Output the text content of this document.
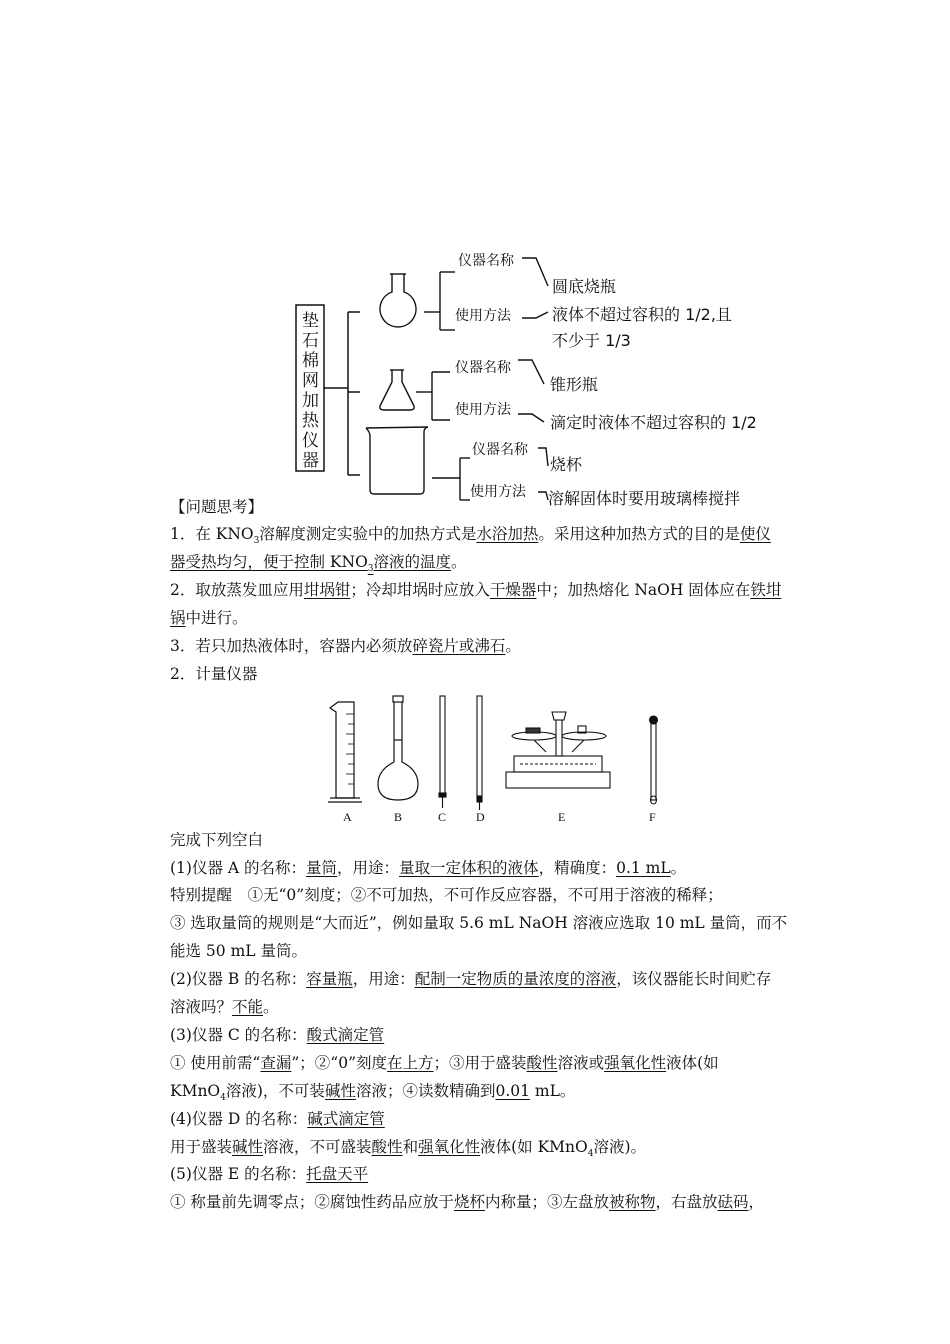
垫
石
棉
网
加
热
仪
器
仪器名称
使用方法
圆底烧瓶
液体不超过容积的 1/2,且
不少于 1/3
仪器名称
使用方法
锥形瓶
滴定时液体不超过容积的 1/2
仪器名称
使用方法
烧杯
溶解固体时要用玻璃棒搅拌
【问题思考】
1．在 $KNO_3$溶解度测定实验中的加热方式是水浴加热。采用这种加热方式的目的是使仪
器受热均匀，便于控制 $KNO_3$溶液的温度。
2．取放蒸发皿应用坩埚钳；冷却坩埚时应放入干燥器中；加热熔化 NaOH 固体应在铁坩
锅中进行。
3．若只加热液体时，容器内必须放碎瓷片或沸石。
2．计量仪器
A	B	C D	E	F
完成下列空白
(1)仪器 A 的名称：量筒，用途：量取一定体积的液体，精确度：0.1 mL。
特别提醒　①无“0”刻度；②不可加热，不可作反应容器，不可用于溶液的稀释；
③ 选取量筒的规则是“大而近”，例如量取 5.6 mL NaOH 溶液应选取 10 mL 量筒，而不
能选 50 mL 量筒。
(2)仪器 B 的名称：容量瓶，用途：配制一定物质的量浓度的溶液，该仪器能长时间贮存
溶液吗？不能。
(3)仪器 C 的名称：酸式滴定管
① 使用前需“查漏”；②“0”刻度在上方；③用于盛装酸性溶液或强氧化性液体(如
KMnO$_4$溶液)，不可装碱性溶液；④读数精确到0.01 mL。
(4)仪器 D 的名称：碱式滴定管
用于盛装碱性溶液，不可盛装酸性和强氧化性液体(如 KMnO$_4$溶液)。
(5)仪器 E 的名称：托盘天平
① 称量前先调零点；②腐蚀性药品应放于烧杯内称量；③左盘放被称物，右盘放砝码，
